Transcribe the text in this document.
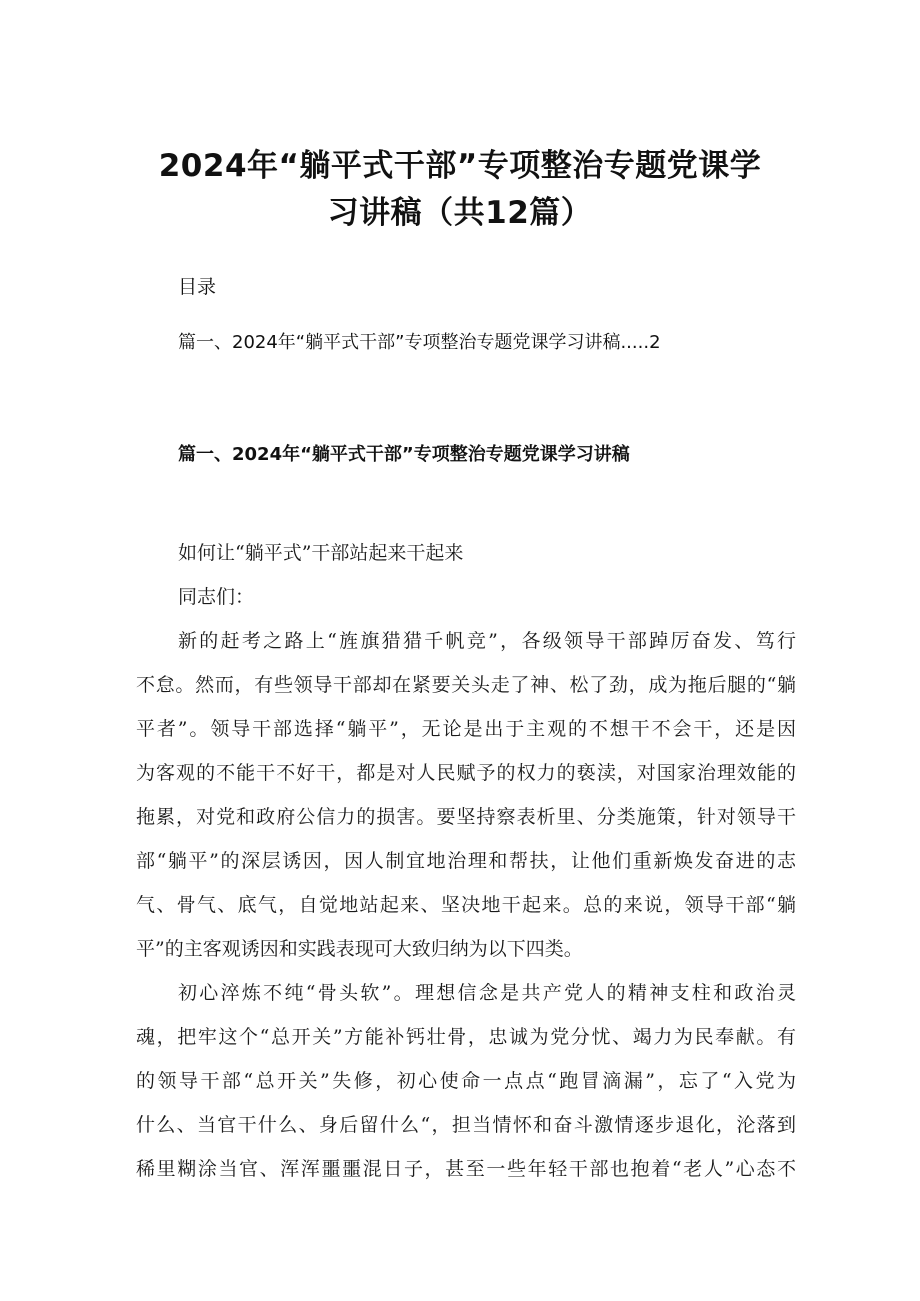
2024年“躺平式干部”专项整治专题党课学
习讲稿（共12篇）
目录
篇一、2024年“躺平式干部”专项整治专题党课学习讲稿.....2
篇一、2024年“躺平式干部”专项整治专题党课学习讲稿
如何让“躺平式”干部站起来干起来
同志们：
新的赶考之路上“旌旗猎猎千帆竞”，各级领导干部踔厉奋发、笃行
不怠。然而，有些领导干部却在紧要关头走了神、松了劲，成为拖后腿的“躺
平者”。领导干部选择“躺平”，无论是出于主观的不想干不会干，还是因
为客观的不能干不好干，都是对人民赋予的权力的亵渎，对国家治理效能的
拖累，对党和政府公信力的损害。要坚持察表析里、分类施策，针对领导干
部“躺平”的深层诱因，因人制宜地治理和帮扶，让他们重新焕发奋进的志
气、骨气、底气，自觉地站起来、坚决地干起来。总的来说，领导干部“躺
平”的主客观诱因和实践表现可大致归纳为以下四类。
初心淬炼不纯“骨头软”。理想信念是共产党人的精神支柱和政治灵
魂，把牢这个“总开关”方能补钙壮骨，忠诚为党分忧、竭力为民奉献。有
的领导干部“总开关”失修，初心使命一点点“跑冒滴漏”，忘了“入党为
什么、当官干什么、身后留什么“，担当情怀和奋斗激情逐步退化，沦落到
稀里糊涂当官、浑浑噩噩混日子，甚至一些年轻干部也抱着“老人”心态不
